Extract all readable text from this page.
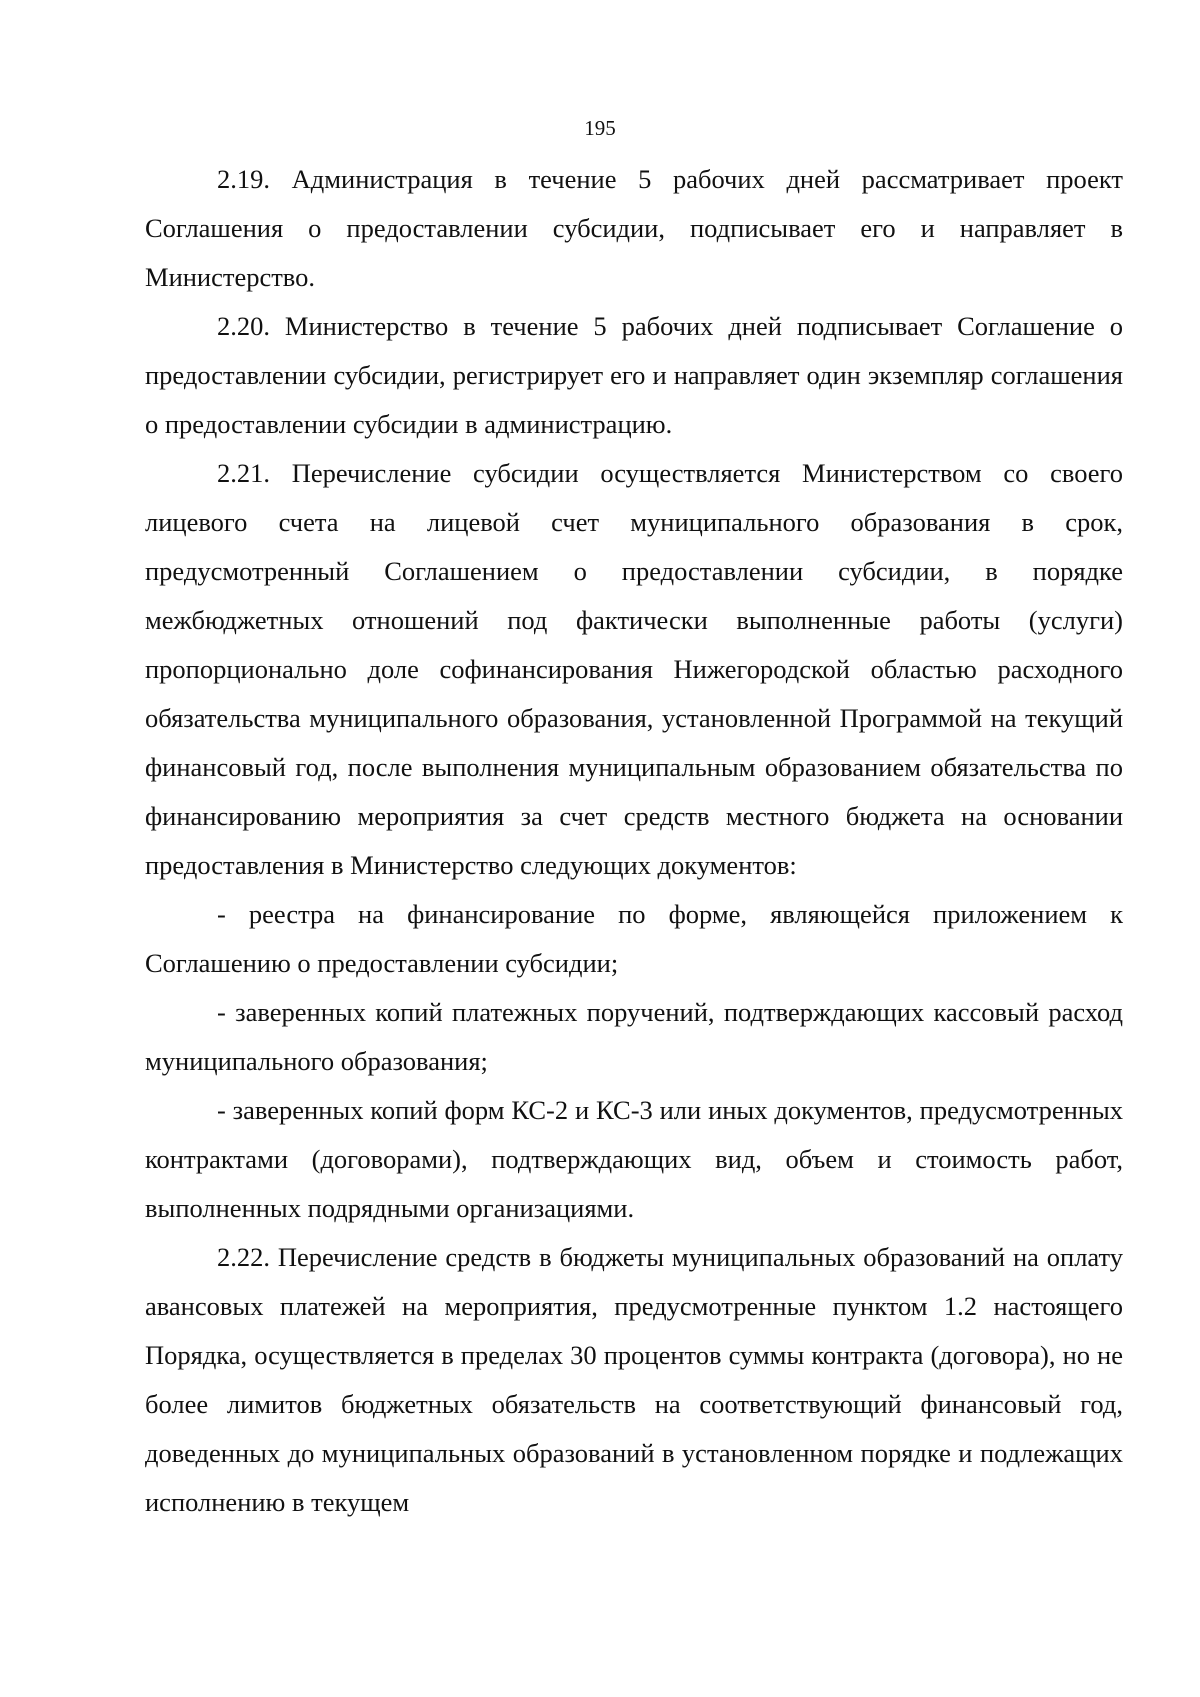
195

2.19. Администрация в течение 5 рабочих дней рассматривает проект Соглашения о предоставлении субсидии, подписывает его и направляет в Министерство.

2.20. Министерство в течение 5 рабочих дней подписывает Соглашение о предоставлении субсидии, регистрирует его и направляет один экземпляр соглашения о предоставлении субсидии в администрацию.

2.21. Перечисление субсидии осуществляется Министерством со своего лицевого счета на лицевой счет муниципального образования в срок, предусмотренный Соглашением о предоставлении субсидии, в порядке межбюджетных отношений под фактически выполненные работы (услуги) пропорционально доле софинансирования Нижегородской областью расходного обязательства муниципального образования, установленной Программой на текущий финансовый год, после выполнения муниципальным образованием обязательства по финансированию мероприятия за счет средств местного бюджета на основании предоставления в Министерство следующих документов:

- реестра на финансирование по форме, являющейся приложением к Соглашению о предоставлении субсидии;

- заверенных копий платежных поручений, подтверждающих кассовый расход муниципального образования;

- заверенных копий форм КС-2 и КС-3 или иных документов, предусмотренных контрактами (договорами), подтверждающих вид, объем и стоимость работ, выполненных подрядными организациями.

2.22. Перечисление средств в бюджеты муниципальных образований на оплату авансовых платежей на мероприятия, предусмотренные пунктом 1.2 настоящего Порядка, осуществляется в пределах 30 процентов суммы контракта (договора), но не более лимитов бюджетных обязательств на соответствующий финансовый год, доведенных до муниципальных образований в установленном порядке и подлежащих исполнению в текущем
